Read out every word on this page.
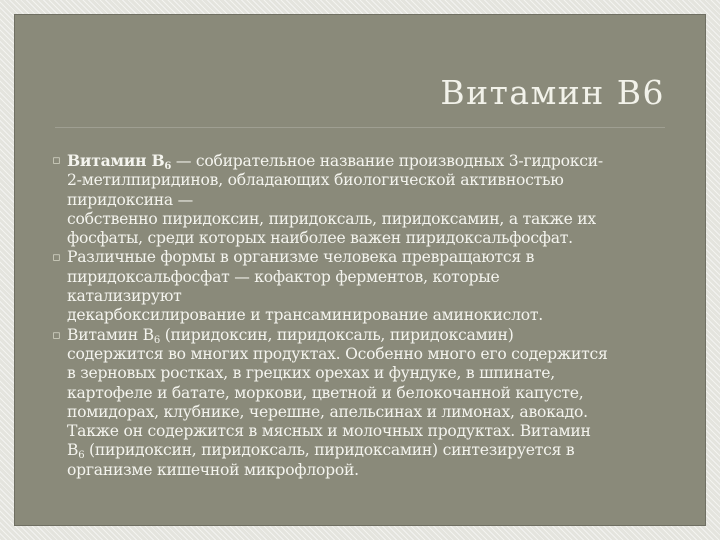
Витамин B6
▫ Витамин $B_6$ — собирательное название производных 3-гидрокси-
2-метилпиридинов, обладающих биологической активностью
пиридоксина —
собственно пиридоксин, пиридоксаль, пиридоксамин, а также их
фосфаты, среди которых наиболее важен пиридоксальфосфат.
▫ Различные формы в организме человека превращаются в
пиридоксальфосфат — кофактор ферментов, которые
катализируют
декарбоксилирование и трансаминирование аминокислот.
▫ Витамин $В_6$ (пиридоксин, пиридоксаль, пиридоксамин)
содержится во многих продуктах. Особенно много его содержится
в зерновых ростках, в грецких орехах и фундуке, в шпинате,
картофеле и батате, моркови, цветной и белокочанной капусте,
помидорах, клубнике, черешне, апельсинах и лимонах, авокадо.
Также он содержится в мясных и молочных продуктах. Витамин
$В_6$ (пиридоксин, пиридоксаль, пиридоксамин) синтезируется в
организме кишечной микрофлорой.
